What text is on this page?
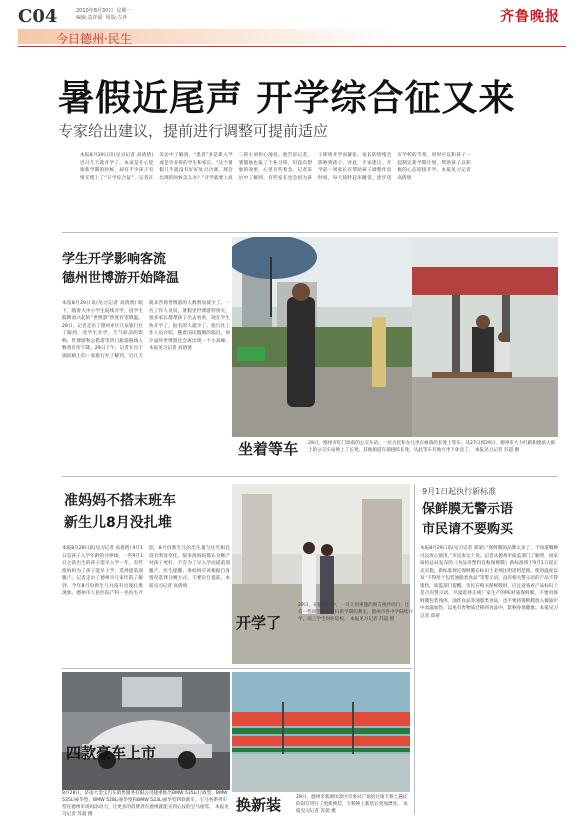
C04	2010年8月30日  星期一
编辑:袁祥福  组版:左萍
今日德州·民生
齐鲁晚报
暑假近尾声 开学综合征又来
专家给出建议，提前进行调整可提前适应
本报8月29日讯(见习记者 高倩倩) 近日几天就开学了，本该是开心迎接新学期的时候，却有不少孩子有情无绪上了“开学综合征”。记者在采访中了解到，“患者”多是新入学或是毕业班的学生和家长。“这个暑假几乎就没有好好复习功课，那会出现的时候怎么办？”开学就要上高三的小刘担心地说。他告诉记者，暑假他也报了个补习班，但没有想象的效果，心里有些着急。记者采访中了解到，有些家长也会因为孩子即将开学而紧张，家长的情绪会影响到孩子。对此，专家建议，开学前一周家长应帮助孩子调整作息时间，每天按时起床睡觉，逐步适应学校的节奏，同时可以和孩子一起制定新学期计划，帮助孩子以积极的心态迎接开学。本报见习记者 高倩倩
学生开学影响客流
德州世博游开始降温
本报8月29日讯(见习记者 高倩倩) 眼下，随着大中小学生陆续开学，因学生假期而兴起的“世博游”热度有望降温。29日，记者走访了德州市区几家旅行社了解到，受学生开学，天气转凉的影响，世博游和总搭游等热门旅游路线人数将有所下降。29日下午，记者在位于湖滨路上的一家旅行社了解到，近几天就来咨询世博游的人数明显减少了。一名工作人员说，暑假里世博游特别火，很多家长都带孩子出去看看，现在学生快开学了，报名的人就少了。旅行社工作人员介绍，随着国庆假期的临近，预计届时世博游还会再出现一个小高峰。本报见习记者 高倩倩
坐着等车 29日，德州市红门场南的公交车站，一位古民和女儿坐在树荫的长凳上等车。从27日到29日，德州市大力红路和德滨大街上的公交车站换上了长凳，其他街道在销租晾长凳，从此等车有地方坐下休息了。 本报见习记者 苏超 摄
准妈妈不搭末班车
新生儿8月没扎堆
本报8月29日讯(见习记者 高倩倩) 9月1日是孩子入学年龄的分界线，一些9月1日之前出生的孩子能早入学一年，有些准妈妈为了孩子能早上学，选择提前剖腹产。记者走访了德州市几家医院了解到，今年8月份新生儿并没有出现扎堆现象。德州市人民医院产科一名医生介绍，8月份新生儿的出生量与往年相比没有明显变化，很多准妈妈都认为顺产对孩子更好，不会为了早入学而提前剖腹产。医生提醒，准妈妈应该根据自身情况选择分娩方式，不要盲目提前。本报见习记者 高倩倩
开学了
29日，在德州二中，一对久别重逢的朋友挽伴而行，还有一些同学正在打扫新学期的教室。德州市各中学陆续开学，高三学生纷纷返校。 本报见习记者 苏超 摄
9月1日起执行新标准
保鲜膜无警示语
市民请不要购买
本报8月29日讯(见习记者 郑蒙) “保鲜膜的品牌太多了，不知道哪种可以放心使用。”市民张女士说。记者从德州市质监部门了解到，国家质检总局发布的《食品用塑料自粘保鲜膜》新标准将于9月1日起正式实施，新标准规定保鲜膜在标识上必须注明适用范围、使用温度以及“不得用于包装油脂类食品”等警示语，没有相关警示语的产品不得销售。质监部门提醒，市民在购买保鲜膜时，应注意查看产品标识上是否有警示语，尽量选择正规厂家生产的PE材质保鲜膜，不要用保鲜膜包装熟肉、油炸食品等油脂类食品，也不要将保鲜膜放入微波炉中高温加热，以免有害物质迁移到食品中，影响身体健康。本报见习记者 郑蒙
四款豪车上市
8月28日，济南大金宝汽车销售服务有限公司隆重推出BMW 535Li行政型、BMW 535Li豪华型、BMW 528Li豪华型和BMW 523Li豪华型四款新车，宝马各系列车型在德州市场再添动力，让更多的消费者在德州就能买到心仪的宝马座驾。 本报见习记者 苏超 摄
换新装	29日，德州市新湖风景区市委对广场的过街天桥上悬挂的彩灯进行了更新换装，天桥换上新装后更加漂亮。 本报见习记者 苏超 摄
